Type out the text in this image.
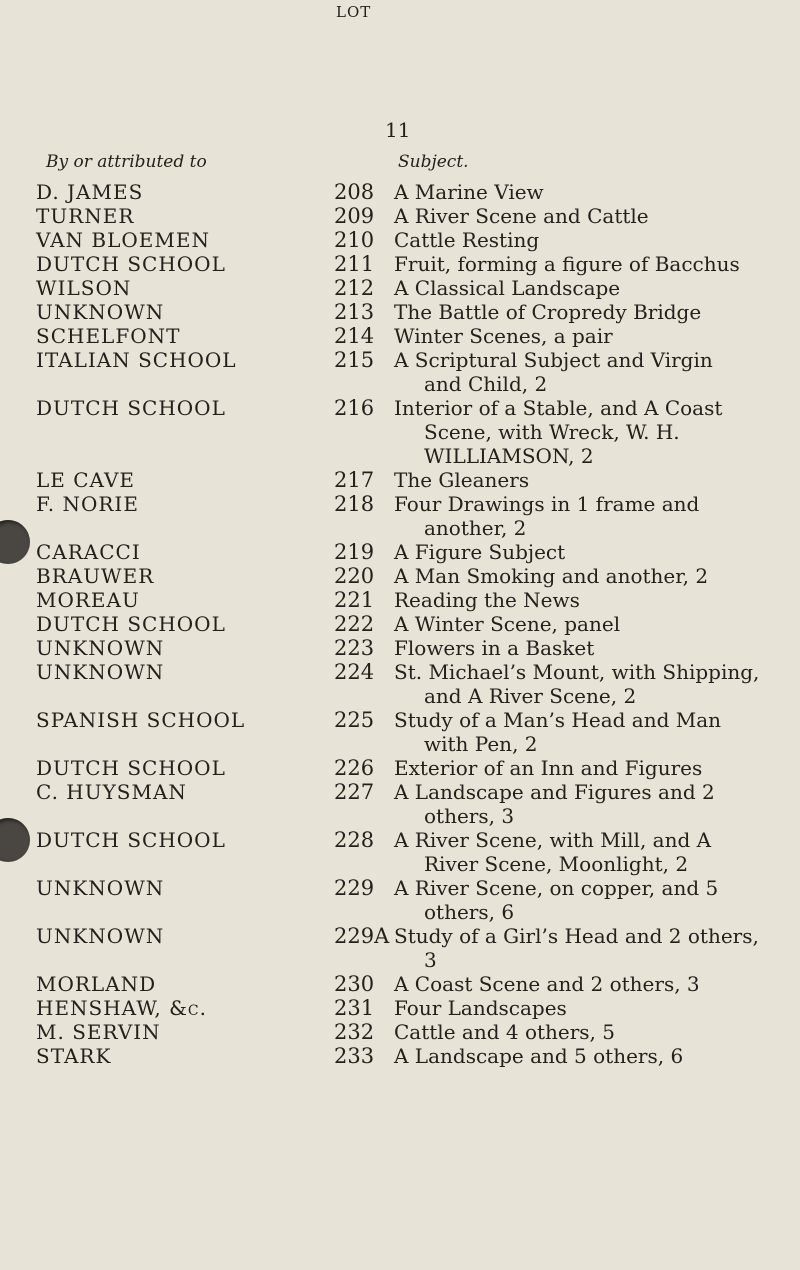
11
By or attributed to
LOT
Subject.
D. JAMES	208 A Marine View
TURNER	209 A River Scene and Cattle
VAN BLOEMEN	210 Cattle Resting
DUTCH SCHOOL	211 Fruit, forming a figure of Bacchus
WILSON	212 A Classical Landscape
UNKNOWN	213 The Battle of Cropredy Bridge
SCHELFONT	214 Winter Scenes, a pair
ITALIAN SCHOOL	215 A Scriptural Subject and Virgin
and Child, 2
DUTCH SCHOOL	216 Interior of a Stable, and A Coast
Scene, with Wreck, W. H.
WILLIAMSON, 2
LE CAVE	217 The Gleaners
F. NORIE	218 Four Drawings in 1 frame and
another, 2
CARACCI	219 A Figure Subject
BRAUWER	220 A Man Smoking and another, 2
MOREAU	221 Reading the News
DUTCH SCHOOL	222 A Winter Scene, panel
UNKNOWN	223 Flowers in a Basket
UNKNOWN	224 St. Michael’s Mount, with Shipping,
and A River Scene, 2
SPANISH SCHOOL	225 Study of a Man’s Head and Man
with Pen, 2
DUTCH SCHOOL	226 Exterior of an Inn and Figures
C. HUYSMAN	227 A Landscape and Figures and 2
others, 3
DUTCH SCHOOL	228 A River Scene, with Mill, and A
River Scene, Moonlight, 2
UNKNOWN	229 A River Scene, on copper, and 5
others, 6
UNKNOWN	229A Study of a Girl’s Head and 2 others,
3
MORLAND	230 A Coast Scene and 2 others, 3
HENSHAW, &c.	231 Four Landscapes
M. SERVIN	232 Cattle and 4 others, 5
STARK	233 A Landscape and 5 others, 6
